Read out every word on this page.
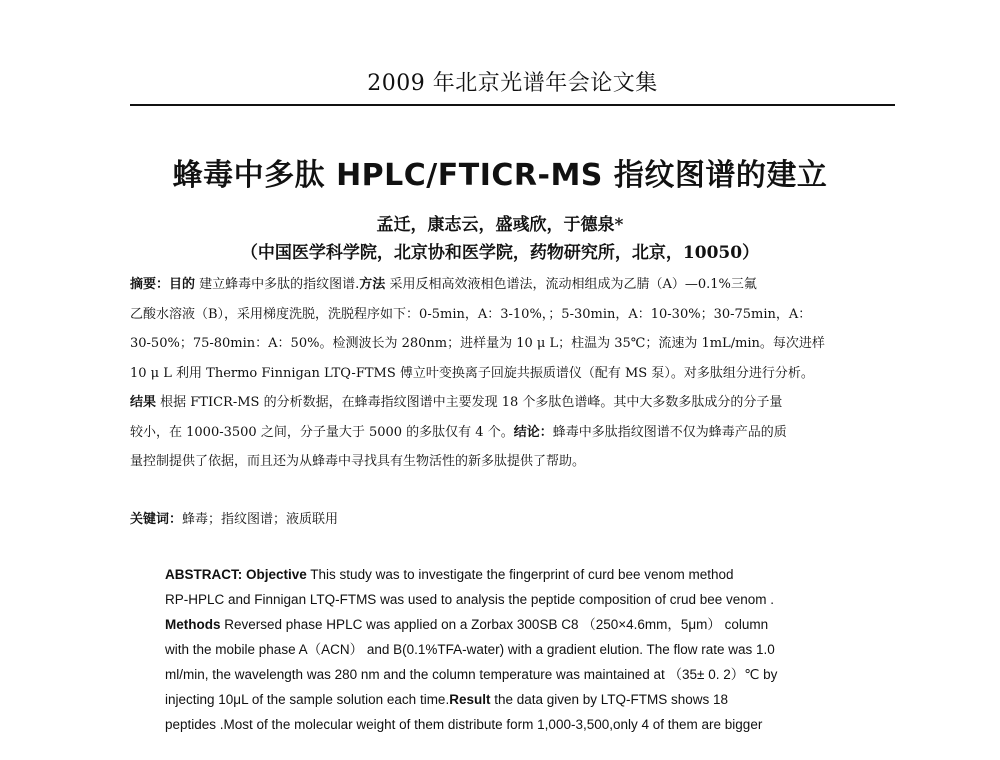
2009 年北京光谱年会论文集
蜂毒中多肽 HPLC/FTICR-MS 指纹图谱的建立
孟迁，康志云，盛彧欣，于德泉*
（中国医学科学院，北京协和医学院，药物研究所，北京，10050）
摘要：目的 建立蜂毒中多肽的指纹图谱.方法 采用反相高效液相色谱法，流动相组成为乙腈（A）—0.1%三氟
乙酸水溶液（B），采用梯度洗脱，洗脱程序如下：0-5min，A：3-10%，；5-30min，A：10-30%；30-75min，A：
30-50%；75-80min：A：50%。检测波长为 280nm；进样量为 10 μ L；柱温为 35℃；流速为 1mL/min。每次进样
10 μ L 利用 Thermo Finnigan LTQ-FTMS 傅立叶变换离子回旋共振质谱仪（配有 MS 泵）。对多肽组分进行分析。
结果 根据 FTICR-MS 的分析数据，在蜂毒指纹图谱中主要发现 18 个多肽色谱峰。其中大多数多肽成分的分子量
较小，在 1000-3500 之间，分子量大于 5000 的多肽仅有 4 个。结论：蜂毒中多肽指纹图谱不仅为蜂毒产品的质
量控制提供了依据，而且还为从蜂毒中寻找具有生物活性的新多肽提供了帮助。
关键词：蜂毒；指纹图谱；液质联用
ABSTRACT: Objective This study was to investigate the fingerprint of curd bee venom method
RP-HPLC and Finnigan LTQ-FTMS was used to analysis the peptide composition of crud bee venom .
Methods Reversed phase HPLC was applied on a Zorbax 300SB C8 （250×4.6mm，5μm） column
with the mobile phase A（ACN） and B(0.1%TFA-water) with a gradient elution. The flow rate was 1.0
ml/min, the wavelength was 280 nm and the column temperature was maintained at （35± 0. 2）℃ by
injecting 10μL of the sample solution each time.Result the data given by LTQ-FTMS shows 18
peptides .Most of the molecular weight of them distribute form 1,000-3,500,only 4 of them are bigger
